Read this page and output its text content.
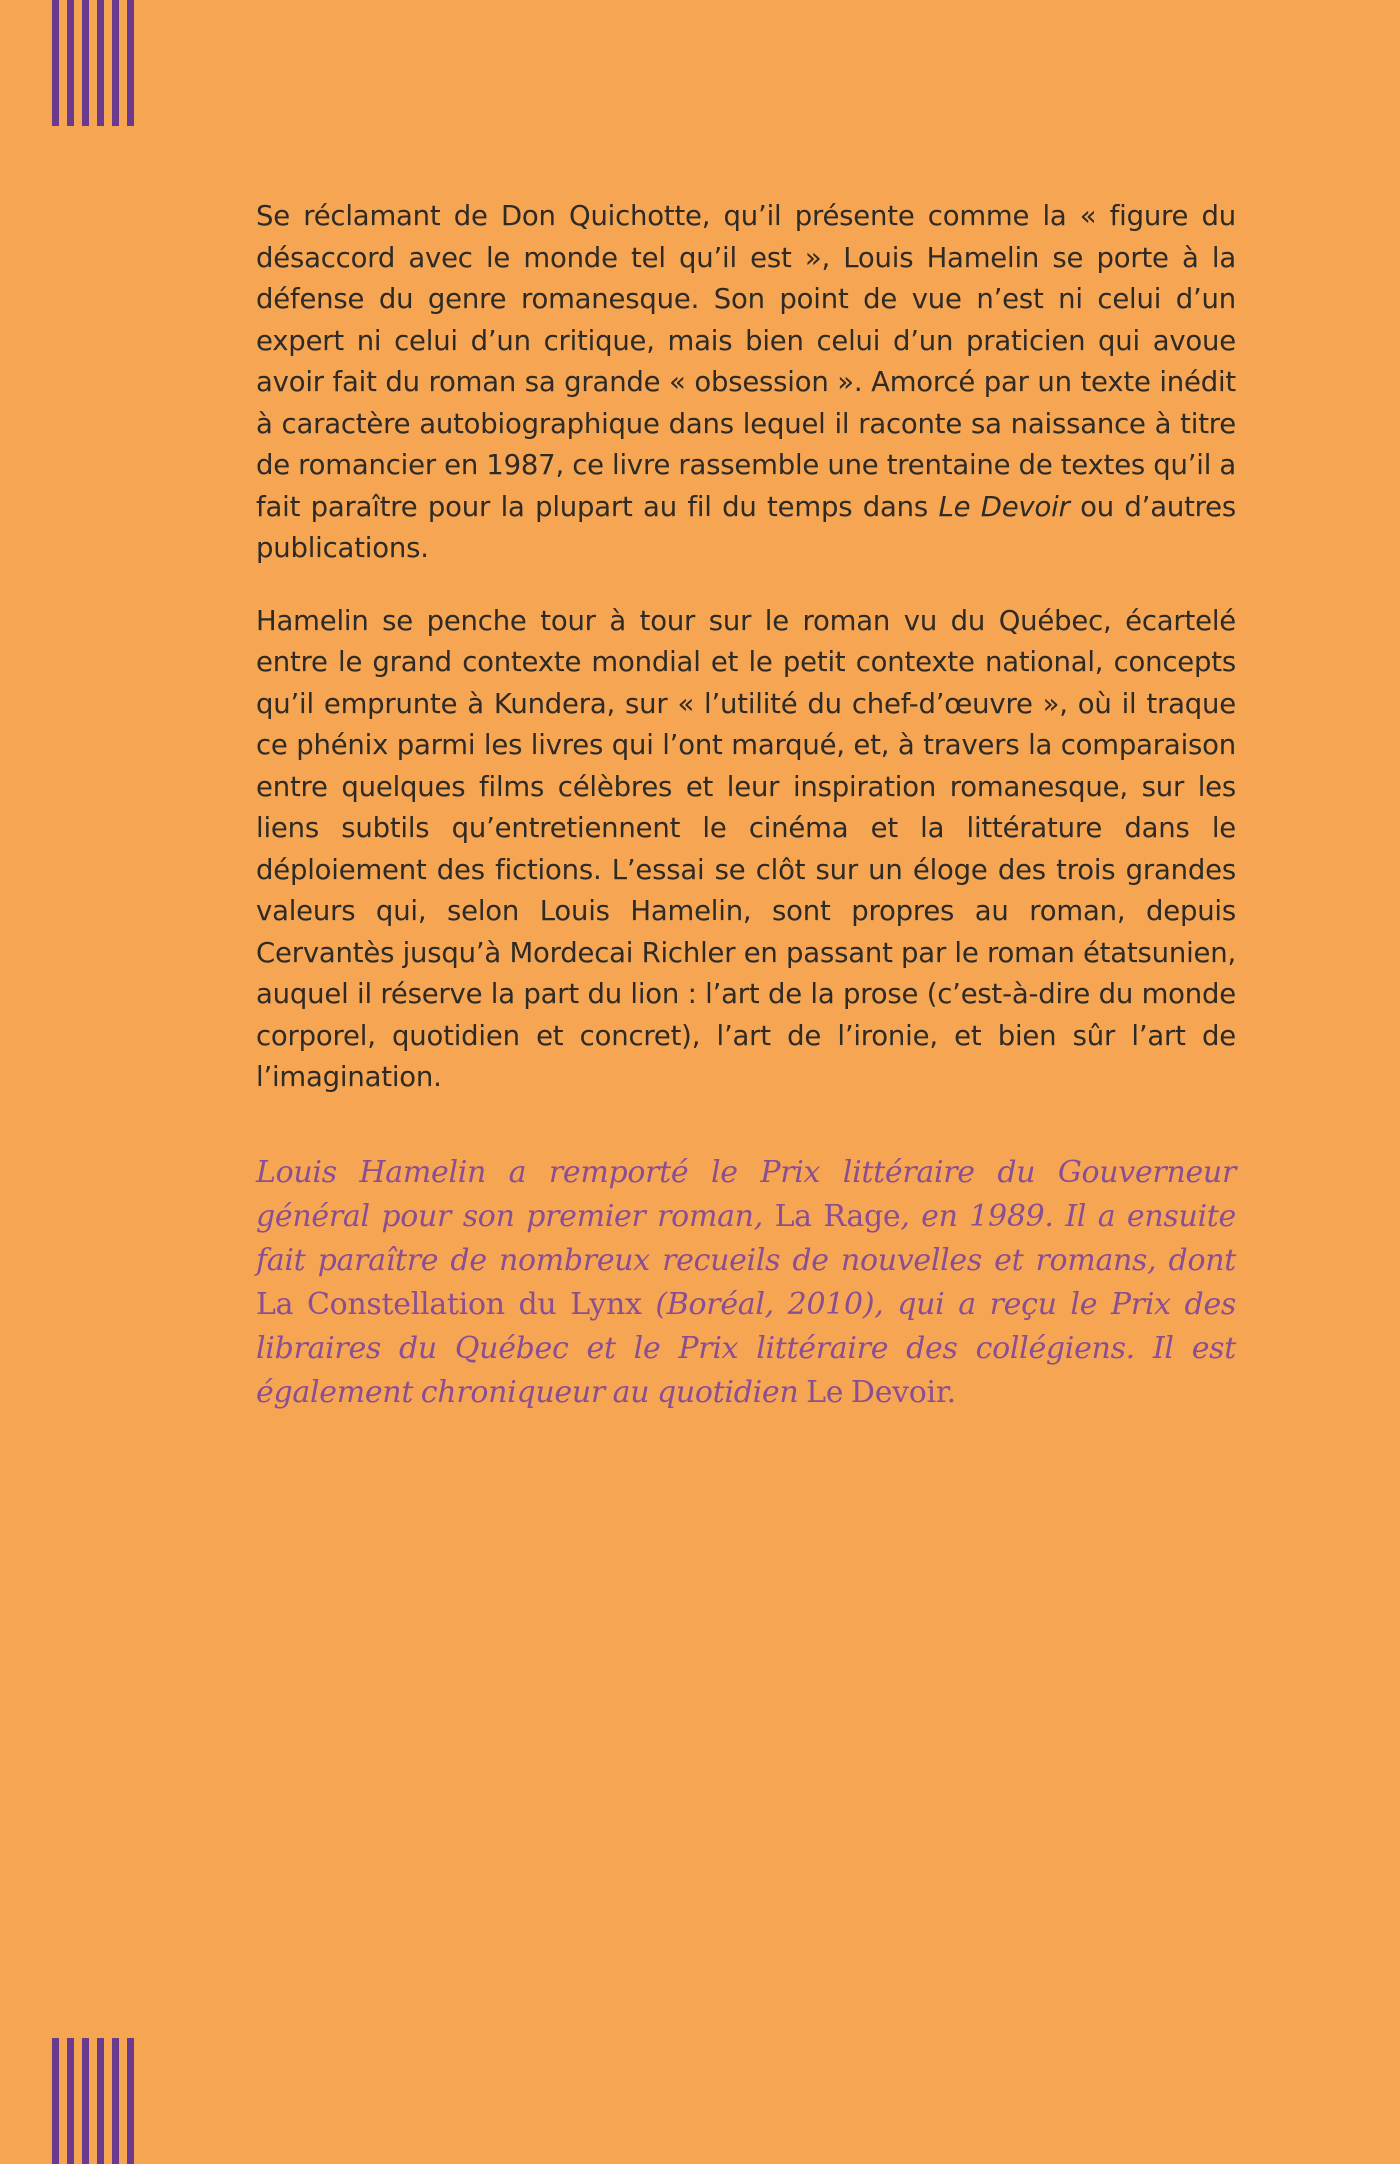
Se réclamant de Don Quichotte, qu’il présente comme la « figure du désaccord avec le monde tel qu’il est », Louis Hamelin se porte à la défense du genre romanesque. Son point de vue n’est ni celui d’un expert ni celui d’un critique, mais bien celui d’un praticien qui avoue avoir fait du roman sa grande « obsession ». Amorcé par un texte inédit à caractère autobiographique dans lequel il raconte sa naissance à titre de romancier en 1987, ce livre rassemble une trentaine de textes qu’il a fait paraître pour la plupart au fil du temps dans Le Devoir ou d’autres publications.

Hamelin se penche tour à tour sur le roman vu du Québec, écartelé entre le grand contexte mondial et le petit contexte national, concepts qu’il emprunte à Kundera, sur « l’utilité du chef-d’œuvre », où il traque ce phénix parmi les livres qui l’ont marqué, et, à travers la comparaison entre quelques films célèbres et leur inspiration romanesque, sur les liens subtils qu’entretiennent le cinéma et la littérature dans le déploiement des fictions. L’essai se clôt sur un éloge des trois grandes valeurs qui, selon Louis Hamelin, sont propres au roman, depuis Cervantès jusqu’à Mordecai Richler en passant par le roman étatsunien, auquel il réserve la part du lion : l’art de la prose (c’est-à-dire du monde corporel, quotidien et concret), l’art de l’ironie, et bien sûr l’art de l’imagination.

Louis Hamelin a remporté le Prix littéraire du Gouverneur général pour son premier roman, La Rage, en 1989. Il a ensuite fait paraître de nombreux recueils de nouvelles et romans, dont La Constellation du Lynx (Boréal, 2010), qui a reçu le Prix des libraires du Québec et le Prix littéraire des collégiens. Il est également chroniqueur au quotidien Le Devoir.
